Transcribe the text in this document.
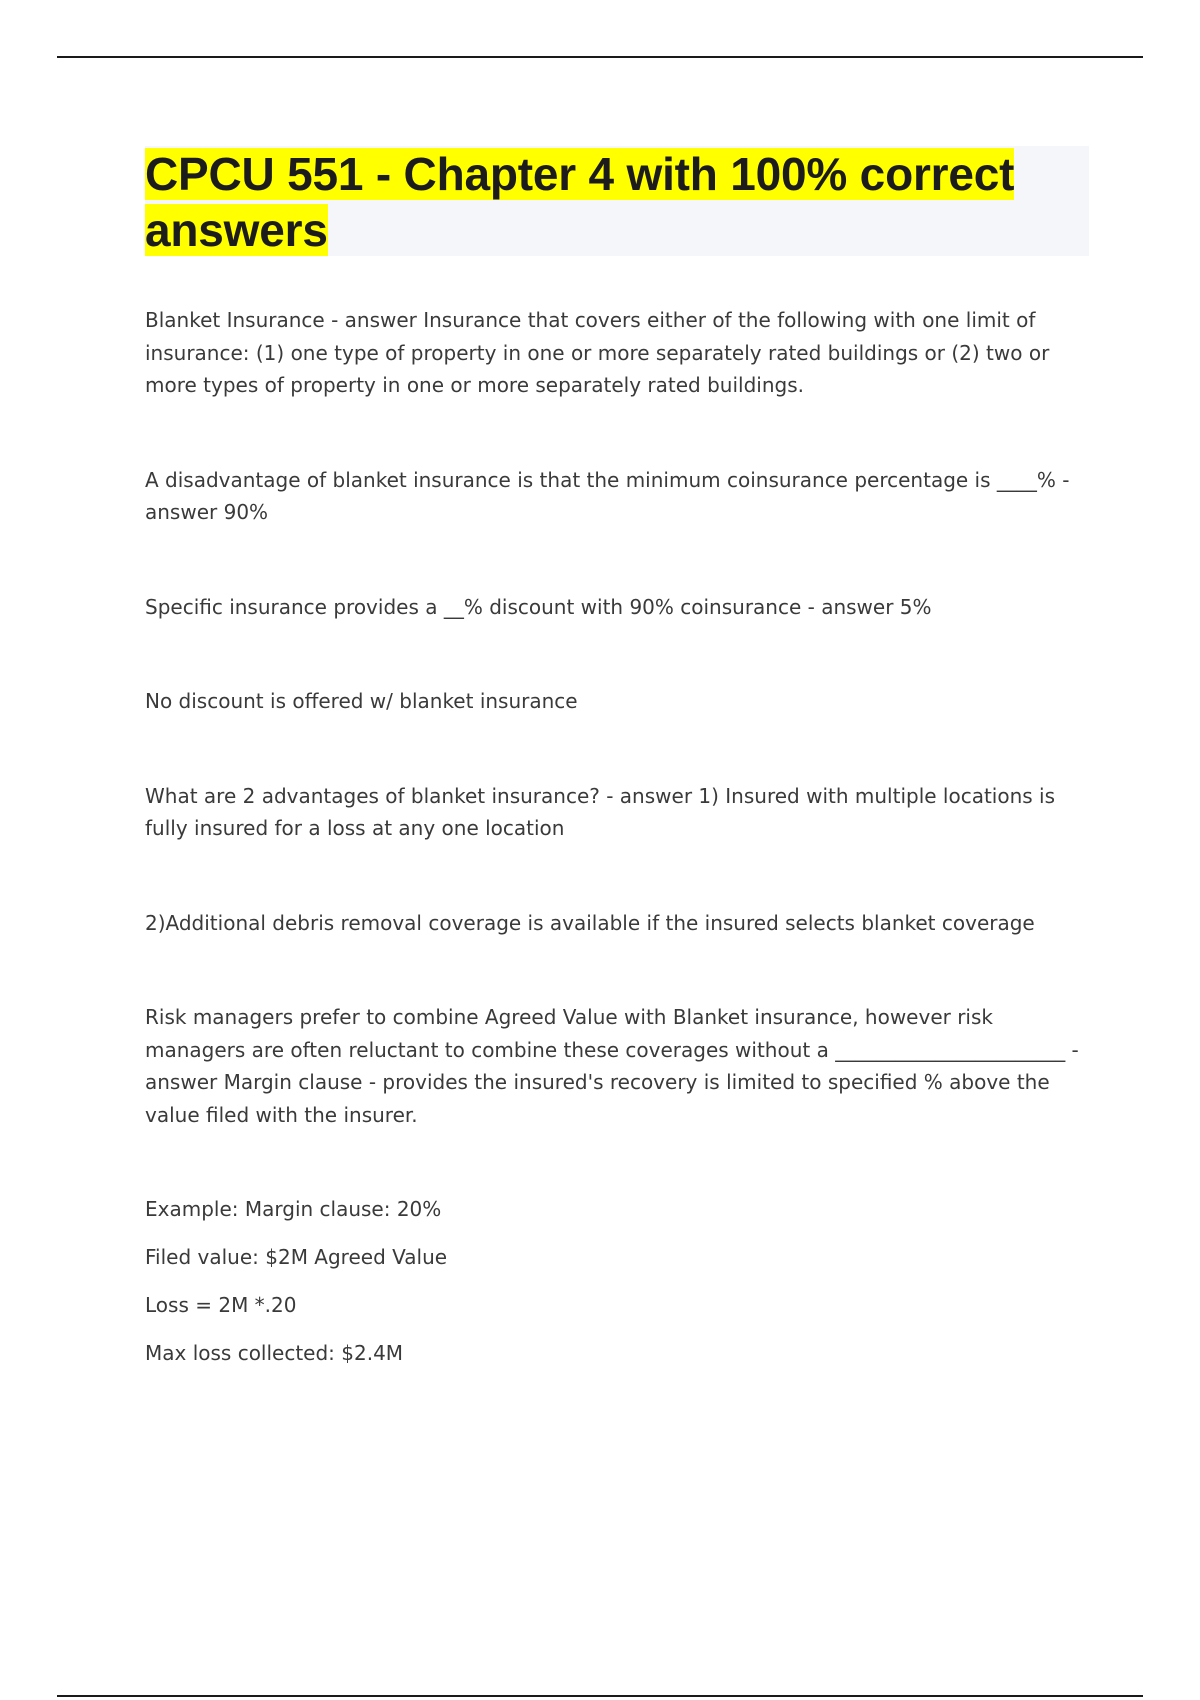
CPCU 551 - Chapter 4 with 100% correct answers

Blanket Insurance - answer Insurance that covers either of the following with one limit of insurance: (1) one type of property in one or more separately rated buildings or (2) two or more types of property in one or more separately rated buildings.

A disadvantage of blanket insurance is that the minimum coinsurance percentage is ____% - answer 90%

Specific insurance provides a __% discount with 90% coinsurance - answer 5%

No discount is offered w/ blanket insurance

What are 2 advantages of blanket insurance? - answer 1) Insured with multiple locations is fully insured for a loss at any one location

2)Additional debris removal coverage is available if the insured selects blanket coverage

Risk managers prefer to combine Agreed Value with Blanket insurance, however risk managers are often reluctant to combine these coverages without a _______________________ - answer Margin clause - provides the insured's recovery is limited to specified % above the value filed with the insurer.

Example: Margin clause: 20%

Filed value: $2M Agreed Value

Loss = 2M *.20

Max loss collected: $2.4M
